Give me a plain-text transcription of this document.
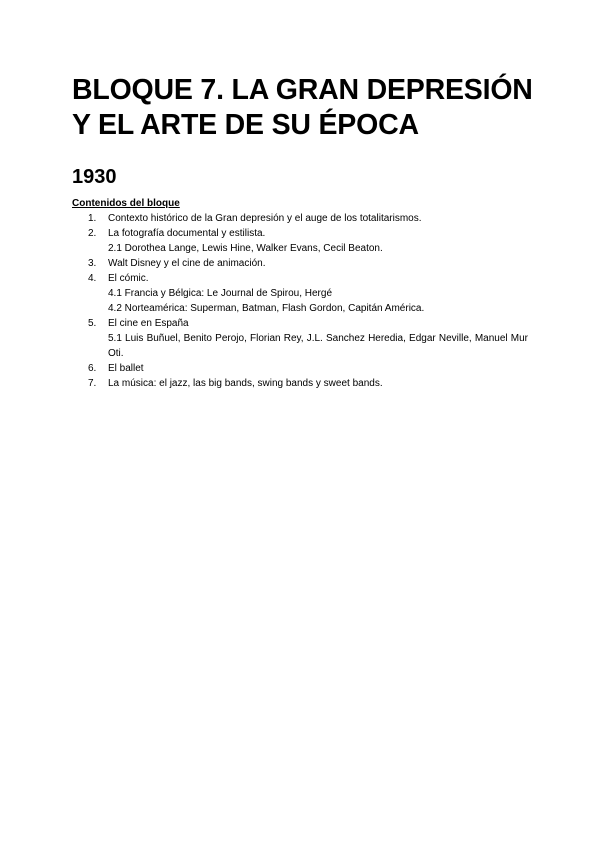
BLOQUE 7. LA GRAN DEPRESIÓN Y EL ARTE DE SU ÉPOCA
1930
Contenidos del bloque
1. Contexto histórico de la Gran depresión y el auge de los totalitarismos.
2. La fotografía documental y estilista.
2.1 Dorothea Lange, Lewis Hine, Walker Evans, Cecil Beaton.
3. Walt Disney y el cine de animación.
4. El cómic.
4.1 Francia y Bélgica: Le Journal de Spirou, Hergé
4.2 Norteamérica: Superman, Batman, Flash Gordon, Capitán América.
5. El cine en España
5.1 Luis Buñuel, Benito Perojo, Florian Rey, J.L. Sanchez Heredia, Edgar Neville, Manuel Mur Oti.
6. El ballet
7. La música: el jazz, las big bands, swing bands y sweet bands.
